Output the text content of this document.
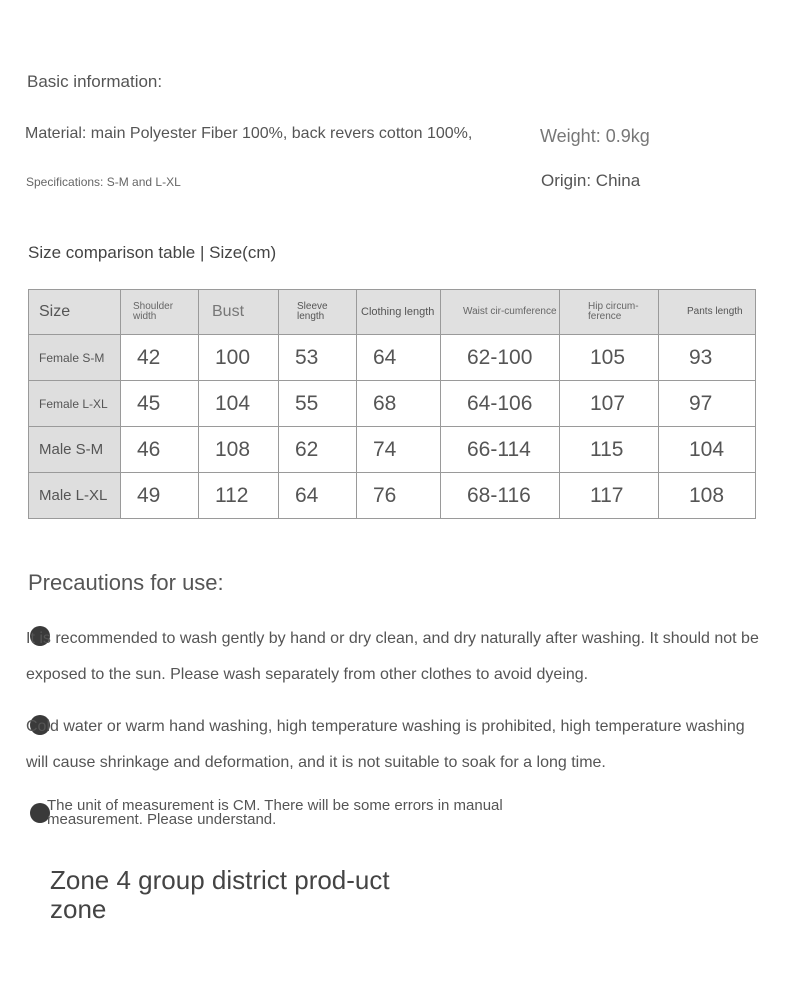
Basic information:
Material: main Polyester Fiber 100%, back revers cotton 100%,	Weight: 0.9kg
Specifications: S-M and L-XL	Origin: China
Size comparison table | Size(cm)
Size	Shoulder width	Bust	Sleeve length	Clothing length	Waist cir-cumference	Hip circum-ference	Pants length
Female S-M	42	100	53	64	62-100	105	93
Female L-XL	45	104	55	68	64-106	107	97
Male S-M	46	108	62	74	66-114	115	104
Male L-XL	49	112	64	76	68-116	117	108
Precautions for use:
It is recommended to wash gently by hand or dry clean, and dry naturally after washing. It should not be exposed to the sun. Please wash separately from other clothes to avoid dyeing.
Cold water or warm hand washing, high temperature washing is prohibited, high temperature washing will cause shrinkage and deformation, and it is not suitable to soak for a long time.
The unit of measurement is CM. There will be some errors in manual measurement. Please understand.
Zone 4 group district prod-uct zone
